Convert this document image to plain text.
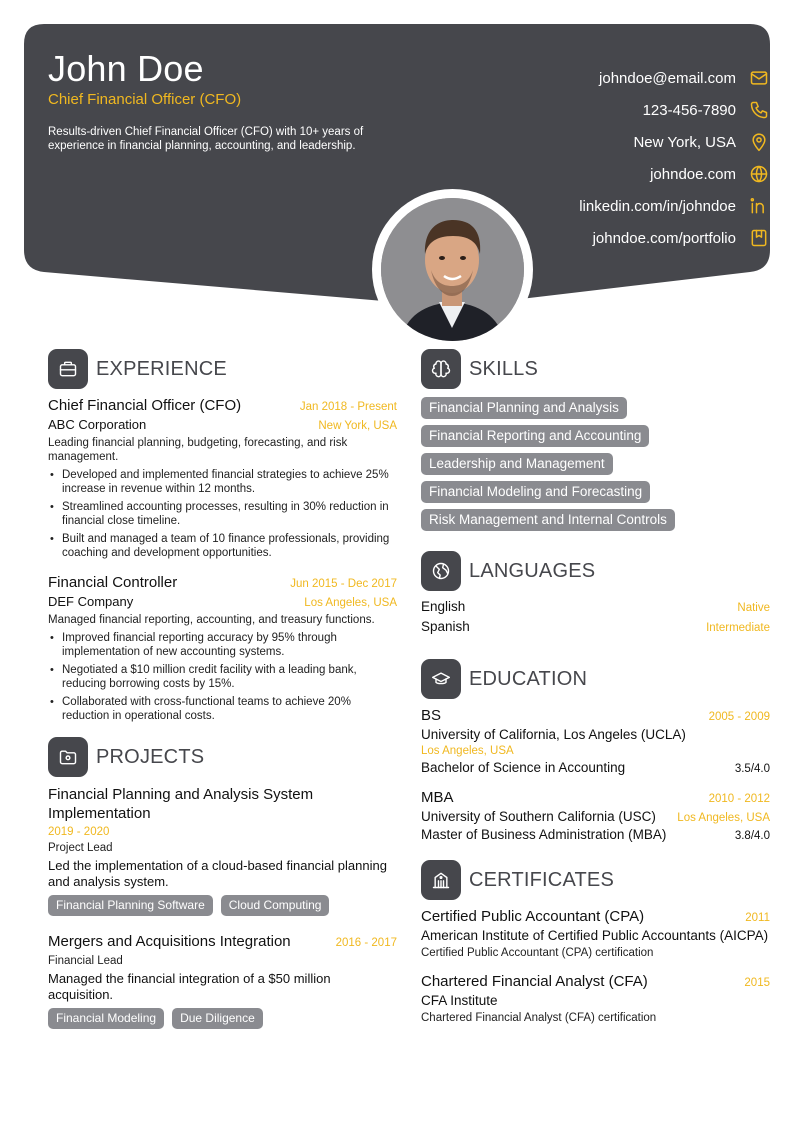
John Doe
Chief Financial Officer (CFO)
Results-driven Chief Financial Officer (CFO) with 10+ years of experience in financial planning, accounting, and leadership.
johndoe@email.com
123-456-7890
New York, USA
johndoe.com
linkedin.com/in/johndoe
johndoe.com/portfolio
EXPERIENCE
Chief Financial Officer (CFO)	Jan 2018 - Present
ABC Corporation	New York, USA
Leading financial planning, budgeting, forecasting, and risk management.
• Developed and implemented financial strategies to achieve 25% increase in revenue within 12 months.
• Streamlined accounting processes, resulting in 30% reduction in financial close timeline.
• Built and managed a team of 10 finance professionals, providing coaching and development opportunities.
Financial Controller	Jun 2015 - Dec 2017
DEF Company	Los Angeles, USA
Managed financial reporting, accounting, and treasury functions.
• Improved financial reporting accuracy by 95% through implementation of new accounting systems.
• Negotiated a $10 million credit facility with a leading bank, reducing borrowing costs by 15%.
• Collaborated with cross-functional teams to achieve 20% reduction in operational costs.
PROJECTS
Financial Planning and Analysis System Implementation
2019 - 2020
Project Lead
Led the implementation of a cloud-based financial planning and analysis system.
Financial Planning Software	Cloud Computing
Mergers and Acquisitions Integration	2016 - 2017
Financial Lead
Managed the financial integration of a $50 million acquisition.
Financial Modeling	Due Diligence
SKILLS
Financial Planning and Analysis
Financial Reporting and Accounting
Leadership and Management
Financial Modeling and Forecasting
Risk Management and Internal Controls
LANGUAGES
English	Native
Spanish	Intermediate
EDUCATION
BS	2005 - 2009
University of California, Los Angeles (UCLA)
Los Angeles, USA
Bachelor of Science in Accounting	3.5/4.0
MBA	2010 - 2012
University of Southern California (USC) Los Angeles, USA
Master of Business Administration (MBA)	3.8/4.0
CERTIFICATES
Certified Public Accountant (CPA)	2011
American Institute of Certified Public Accountants (AICPA)
Certified Public Accountant (CPA) certification
Chartered Financial Analyst (CFA)	2015
CFA Institute
Chartered Financial Analyst (CFA) certification
